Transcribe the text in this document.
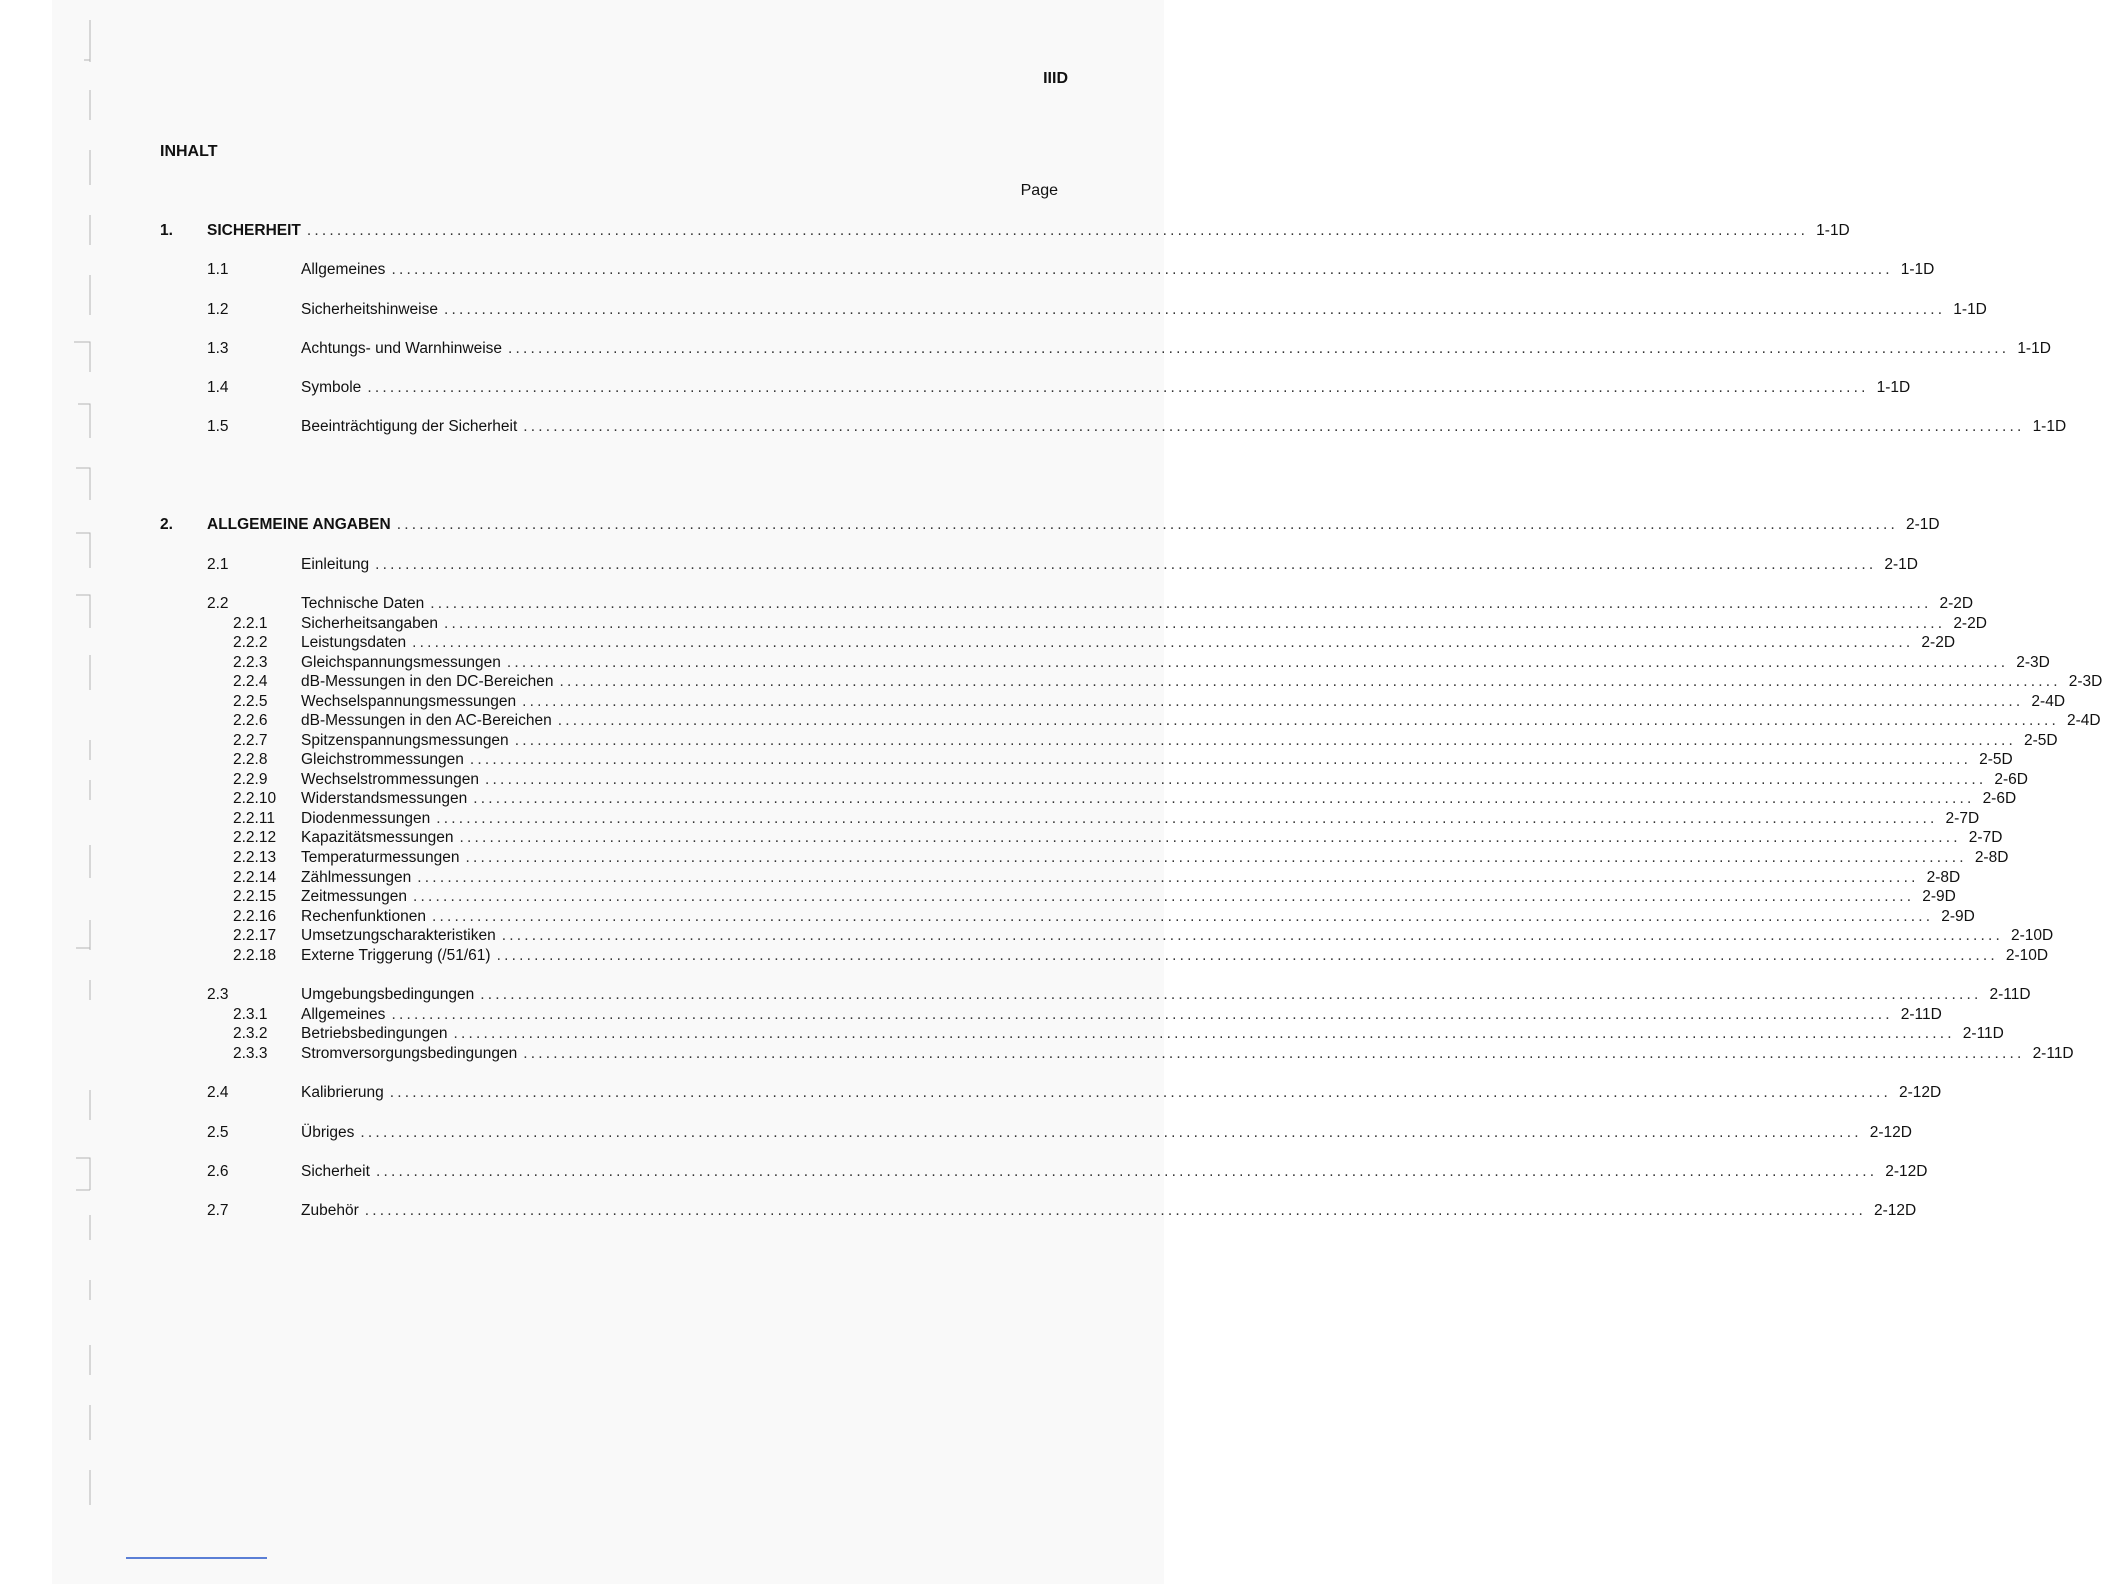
IIID
INHALT
Page
1.	SICHERHEIT ........................................................................................................................................................................................................ 1-1D
1.1	Allgemeines ........................................................................................................................................................................................................ 1-1D
1.2	Sicherheitshinweise ........................................................................................................................................................................................................ 1-1D
1.3	Achtungs- und Warnhinweise ........................................................................................................................................................................................................ 1-1D
1.4	Symbole ........................................................................................................................................................................................................ 1-1D
1.5	Beeinträchtigung der Sicherheit ........................................................................................................................................................................................................ 1-1D
2.	ALLGEMEINE ANGABEN ........................................................................................................................................................................................................ 2-1D
2.1	Einleitung ........................................................................................................................................................................................................ 2-1D
2.2	Technische Daten ........................................................................................................................................................................................................ 2-2D
2.2.1	Sicherheitsangaben ........................................................................................................................................................................................................ 2-2D
2.2.2	Leistungsdaten ........................................................................................................................................................................................................ 2-2D
2.2.3	Gleichspannungsmessungen ........................................................................................................................................................................................................ 2-3D
2.2.4	dB-Messungen in den DC-Bereichen ........................................................................................................................................................................................................ 2-3D
2.2.5	Wechselspannungsmessungen ........................................................................................................................................................................................................ 2-4D
2.2.6	dB-Messungen in den AC-Bereichen ........................................................................................................................................................................................................ 2-4D
2.2.7	Spitzenspannungsmessungen ........................................................................................................................................................................................................ 2-5D
2.2.8	Gleichstrommessungen ........................................................................................................................................................................................................ 2-5D
2.2.9	Wechselstrommessungen ........................................................................................................................................................................................................ 2-6D
2.2.10	Widerstandsmessungen ........................................................................................................................................................................................................ 2-6D
2.2.11	Diodenmessungen ........................................................................................................................................................................................................ 2-7D
2.2.12	Kapazitätsmessungen ........................................................................................................................................................................................................ 2-7D
2.2.13	Temperaturmessungen ........................................................................................................................................................................................................ 2-8D
2.2.14	Zählmessungen ........................................................................................................................................................................................................ 2-8D
2.2.15	Zeitmessungen ........................................................................................................................................................................................................ 2-9D
2.2.16	Rechenfunktionen ........................................................................................................................................................................................................ 2-9D
2.2.17	Umsetzungscharakteristiken ........................................................................................................................................................................................................ 2-10D
2.2.18	Externe Triggerung (/51/61) ........................................................................................................................................................................................................ 2-10D
2.3	Umgebungsbedingungen ........................................................................................................................................................................................................ 2-11D
2.3.1	Allgemeines ........................................................................................................................................................................................................ 2-11D
2.3.2	Betriebsbedingungen ........................................................................................................................................................................................................ 2-11D
2.3.3	Stromversorgungsbedingungen ........................................................................................................................................................................................................ 2-11D
2.4	Kalibrierung ........................................................................................................................................................................................................ 2-12D
2.5	Übriges ........................................................................................................................................................................................................ 2-12D
2.6	Sicherheit ........................................................................................................................................................................................................ 2-12D
2.7	Zubehör ........................................................................................................................................................................................................ 2-12D
